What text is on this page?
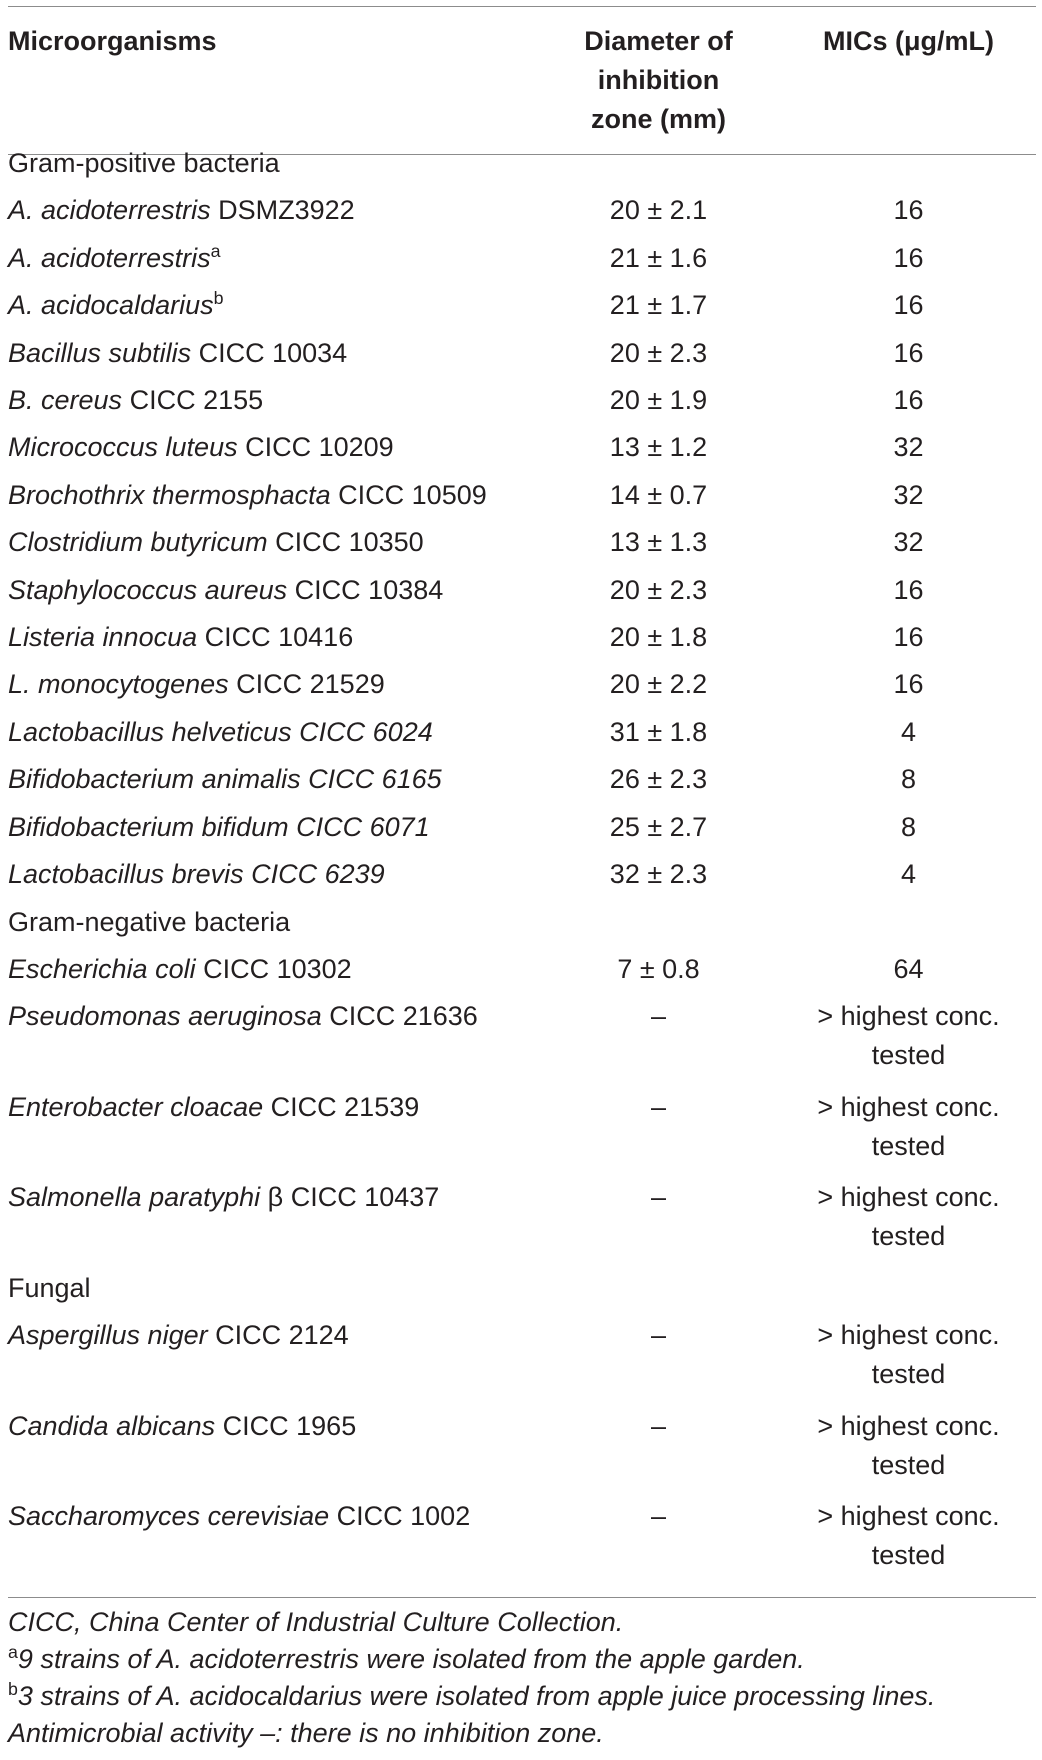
Microorganisms	Diameter of inhibition zone (mm)	MICs (μg/mL)
Gram-positive bacteria		
A. acidoterrestris DSMZ3922	20 ± 2.1	16
A. acidoterrestris$^a$	21 ± 1.6	16
A. acidocaldarius$^b$	21 ± 1.7	16
Bacillus subtilis CICC 10034	20 ± 2.3	16
B. cereus CICC 2155	20 ± 1.9	16
Micrococcus luteus CICC 10209	13 ± 1.2	32
Brochothrix thermosphacta CICC 10509	14 ± 0.7	32
Clostridium butyricum CICC 10350	13 ± 1.3	32
Staphylococcus aureus CICC 10384	20 ± 2.3	16
Listeria innocua CICC 10416	20 ± 1.8	16
L. monocytogenes CICC 21529	20 ± 2.2	16
Lactobacillus helveticus CICC 6024	31 ± 1.8	4
Bifidobacterium animalis CICC 6165	26 ± 2.3	8
Bifidobacterium bifidum CICC 6071	25 ± 2.7	8
Lactobacillus brevis CICC 6239	32 ± 2.3	4
Gram-negative bacteria		
Escherichia coli CICC 10302	7 ± 0.8	64
Pseudomonas aeruginosa CICC 21636	–	> highest conc. tested

Enterobacter cloacae CICC 21539	–	> highest conc. tested

Salmonella paratyphi β CICC 10437	–	> highest conc. tested

Fungal		
Aspergillus niger CICC 2124	–	> highest conc. tested

Candida albicans CICC 1965	–	> highest conc. tested

Saccharomyces cerevisiae CICC 1002	–	> highest conc. tested
CICC, China Center of Industrial Culture Collection.
$^a$9 strains of A. acidoterrestris were isolated from the apple garden.
$^b$3 strains of A. acidocaldarius were isolated from apple juice processing lines.
Antimicrobial activity –: there is no inhibition zone.
